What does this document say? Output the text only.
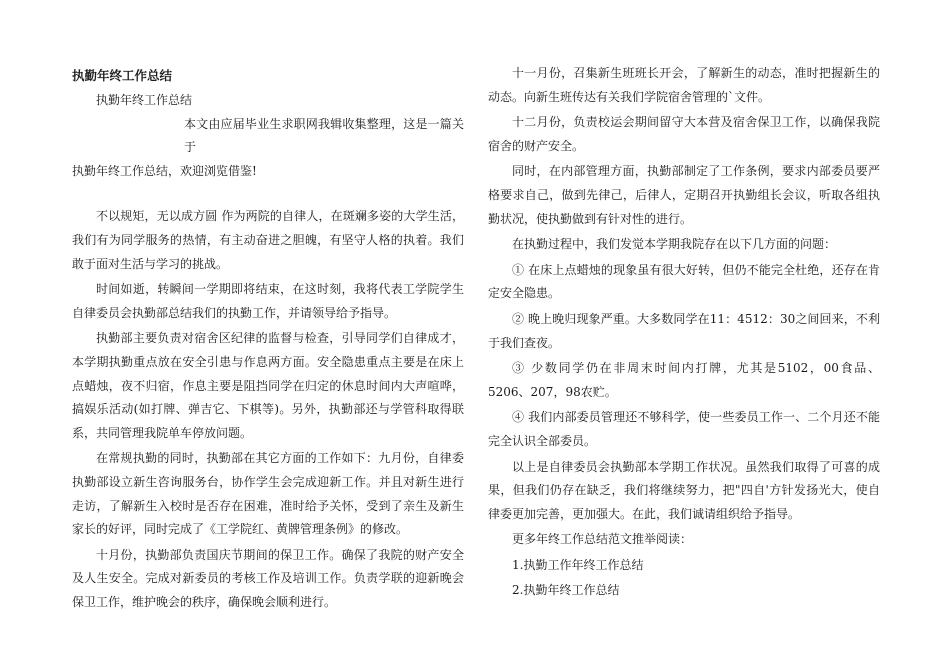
执勤年终工作总结

执勤年终工作总结

本文由应届毕业生求职网我辑收集整理，这是一篇关于

执勤年终工作总结，欢迎浏览借鉴!

不以规矩，无以成方圆 作为两院的自律人，在斑斓多姿的大学生活，我们有为同学服务的热情，有主动奋进之胆魄，有坚守人格的执着。我们敢于面对生活与学习的挑战。

时间如逝，转瞬间一学期即将结束，在这时刻，我将代表工学院学生自律委员会执勤部总结我们的执勤工作，并请领导给予指导。

执勤部主要负责对宿舍区纪律的监督与检查，引导同学们自律成才，本学期执勤重点放在安全引患与作息两方面。安全隐患重点主要是在床上点蜡烛，夜不归宿，作息主要是阻挡同学在归定的休息时间内大声喧哗，搞娱乐活动(如打牌、弹吉它、下棋等)。另外，执勤部还与学管科取得联系，共同管理我院单车停放问题。

在常规执勤的同时，执勤部在其它方面的工作如下：九月份，自律委执勤部设立新生咨询服务台，协作学生会完成迎新工作。并且对新生进行走访，了解新生入校时是否存在困难，准时给予关怀，受到了亲生及新生家长的好评，同时完成了《工学院红、黄牌管理条例》的修改。

十月份，执勤部负责国庆节期间的保卫工作。确保了我院的财产安全及人生安全。完成对新委员的考核工作及培训工作。负责学联的迎新晚会保卫工作，维护晚会的秩序，确保晚会顺利进行。

十一月份，召集新生班班长开会，了解新生的动态，准时把握新生的动态。向新生班传达有关我们学院宿舍管理的`文件。

十二月份，负责校运会期间留守大本营及宿舍保卫工作，以确保我院宿舍的财产安全。

同时，在内部管理方面，执勤部制定了工作条例，要求内部委员要严格要求自己，做到先律己，后律人，定期召开执勤组长会议，听取各组执勤状况，使执勤做到有针对性的进行。

在执勤过程中，我们发觉本学期我院存在以下几方面的问题：

① 在床上点蜡烛的现象虽有很大好转，但仍不能完全杜绝，还存在肯定安全隐患。

② 晚上晚归现象严重。大多数同学在11：4512：30之间回来，不利于我们查夜。

③ 少数同学仍在非周末时间内打牌，尤其是5102，00食品、5206、207，98农贮。

④ 我们内部委员管理还不够科学，使一些委员工作一、二个月还不能完全认识全部委员。

以上是自律委员会执勤部本学期工作状况。虽然我们取得了可喜的成果，但我们仍存在缺乏，我们将继续努力，把"四自'方针发扬光大，使自律委更加完善，更加强大。在此，我们诚请组织给予指导。

更多年终工作总结范文推举阅读：

1.执勤工作年终工作总结

2.执勤年终工作总结
